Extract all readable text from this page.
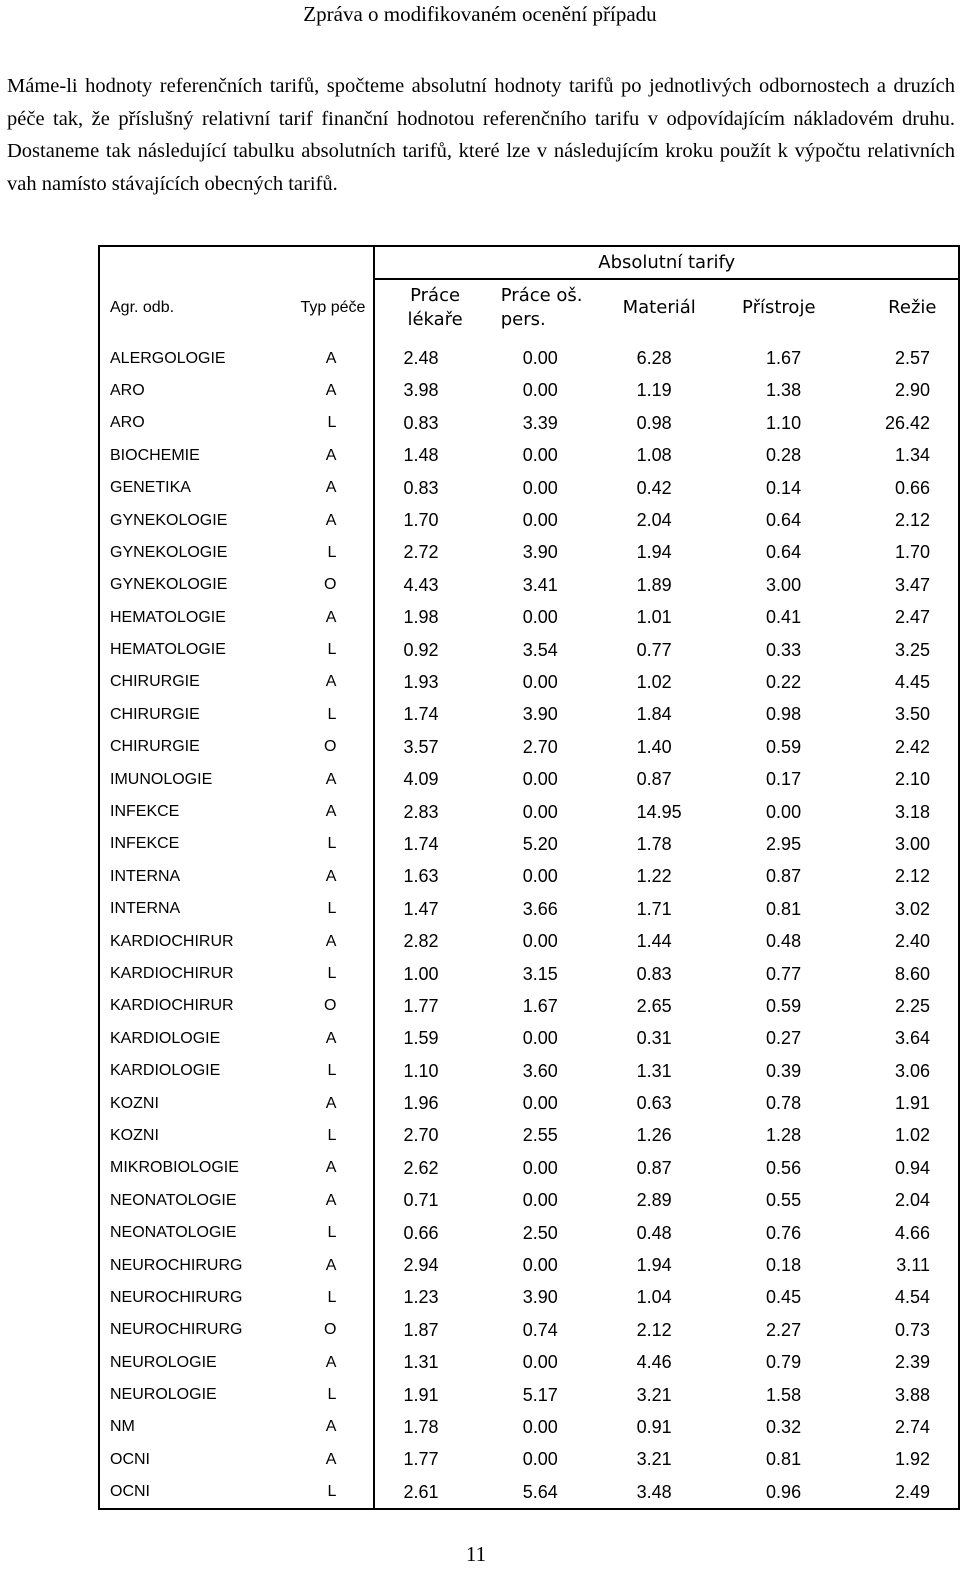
Zpráva o modifikovaném ocenění případu

Máme-li hodnoty referenčních tarifů, spočteme absolutní hodnoty tarifů po jednotlivých odbornostech a druzích péče tak, že příslušný relativní tarif finanční hodnotou referenčního tarifu v odpovídajícím nákladovém druhu. Dostaneme tak následující tabulku absolutních tarifů, které lze v následujícím kroku použít k výpočtu relativních vah namísto stávajících obecných tarifů.

		Absolutní tarify				
Agr. odb.	Typ péče	Práce lékaře	Práce oš. pers.	Materiál	Přístroje	Režie
ALERGOLOGIE	A	2.48	0.00	6.28	1.67	2.57
ARO	A	3.98	0.00	1.19	1.38	2.90
ARO	L	0.83	3.39	0.98	1.10	26.42
BIOCHEMIE	A	1.48	0.00	1.08	0.28	1.34
GENETIKA	A	0.83	0.00	0.42	0.14	0.66
GYNEKOLOGIE	A	1.70	0.00	2.04	0.64	2.12
GYNEKOLOGIE	L	2.72	3.90	1.94	0.64	1.70
GYNEKOLOGIE	O	4.43	3.41	1.89	3.00	3.47
HEMATOLOGIE	A	1.98	0.00	1.01	0.41	2.47
HEMATOLOGIE	L	0.92	3.54	0.77	0.33	3.25
CHIRURGIE	A	1.93	0.00	1.02	0.22	4.45
CHIRURGIE	L	1.74	3.90	1.84	0.98	3.50
CHIRURGIE	O	3.57	2.70	1.40	0.59	2.42
IMUNOLOGIE	A	4.09	0.00	0.87	0.17	2.10
INFEKCE	A	2.83	0.00	14.95	0.00	3.18
INFEKCE	L	1.74	5.20	1.78	2.95	3.00
INTERNA	A	1.63	0.00	1.22	0.87	2.12
INTERNA	L	1.47	3.66	1.71	0.81	3.02
KARDIOCHIRUR	A	2.82	0.00	1.44	0.48	2.40
KARDIOCHIRUR	L	1.00	3.15	0.83	0.77	8.60
KARDIOCHIRUR	O	1.77	1.67	2.65	0.59	2.25
KARDIOLOGIE	A	1.59	0.00	0.31	0.27	3.64
KARDIOLOGIE	L	1.10	3.60	1.31	0.39	3.06
KOZNI	A	1.96	0.00	0.63	0.78	1.91
KOZNI	L	2.70	2.55	1.26	1.28	1.02
MIKROBIOLOGIE	A	2.62	0.00	0.87	0.56	0.94
NEONATOLOGIE	A	0.71	0.00	2.89	0.55	2.04
NEONATOLOGIE	L	0.66	2.50	0.48	0.76	4.66
NEUROCHIRURG	A	2.94	0.00	1.94	0.18	3.11
NEUROCHIRURG	L	1.23	3.90	1.04	0.45	4.54
NEUROCHIRURG	O	1.87	0.74	2.12	2.27	0.73
NEUROLOGIE	A	1.31	0.00	4.46	0.79	2.39
NEUROLOGIE	L	1.91	5.17	3.21	1.58	3.88
NM	A	1.78	0.00	0.91	0.32	2.74
OCNI	A	1.77	0.00	3.21	0.81	1.92
OCNI	L	2.61	5.64	3.48	0.96	2.49
11
